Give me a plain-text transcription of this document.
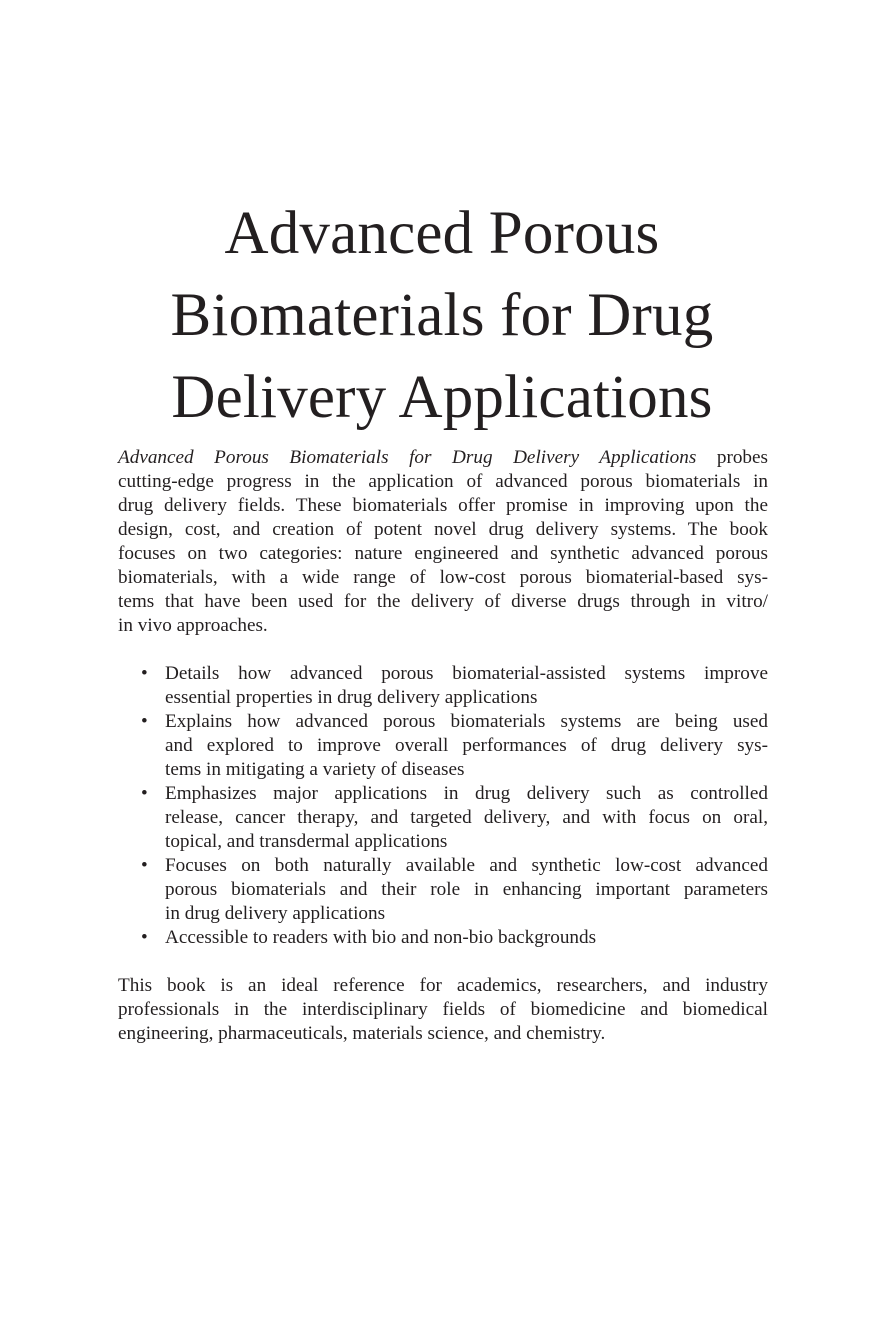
Advanced Porous
Biomaterials for Drug
Delivery Applications
Advanced Porous Biomaterials for Drug Delivery Applications probes
cutting-edge progress in the application of advanced porous biomaterials in
drug delivery fields. These biomaterials offer promise in improving upon the
design, cost, and creation of potent novel drug delivery systems. The book
focuses on two categories: nature engineered and synthetic advanced porous
biomaterials, with a wide range of low-cost porous biomaterial-based sys-
tems that have been used for the delivery of diverse drugs through in vitro/
in vivo approaches.
• Details how advanced porous biomaterial-assisted systems improve
essential properties in drug delivery applications
• Explains how advanced porous biomaterials systems are being used
and explored to improve overall performances of drug delivery sys-
tems in mitigating a variety of diseases
• Emphasizes major applications in drug delivery such as controlled
release, cancer therapy, and targeted delivery, and with focus on oral,
topical, and transdermal applications
• Focuses on both naturally available and synthetic low-cost advanced
porous biomaterials and their role in enhancing important parameters
in drug delivery applications
• Accessible to readers with bio and non-bio backgrounds
This book is an ideal reference for academics, researchers, and industry
professionals in the interdisciplinary fields of biomedicine and biomedical
engineering, pharmaceuticals, materials science, and chemistry.
